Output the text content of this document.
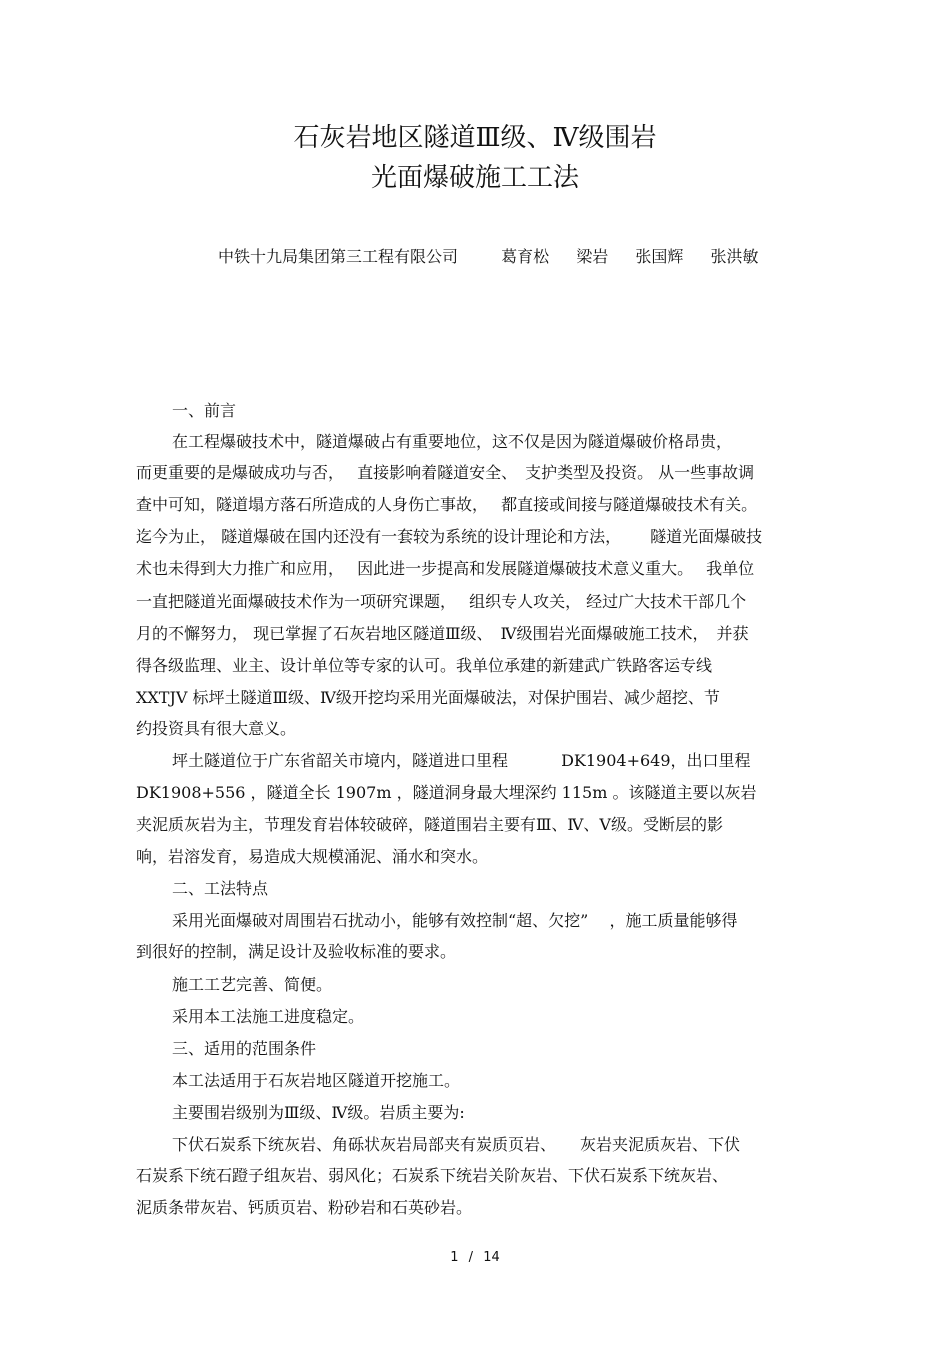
石灰岩地区隧道Ⅲ级、Ⅳ级围岩
光面爆破施工工法
中铁十九局集团第三工程有限公司	葛育松 梁岩 张国辉 张洪敏
一、前言
在工程爆破技术中，隧道爆破占有重要地位，这不仅是因为隧道爆破价格昂贵，
而更重要的是爆破成功与否，　 直接影响着隧道安全、　支护类型及投资。 从一些事故调
查中可知，隧道塌方落石所造成的人身伤亡事故，　 都直接或间接与隧道爆破技术有关。
迄今为止， 隧道爆破在国内还没有一套较为系统的设计理论和方法，　　 隧道光面爆破技
术也未得到大力推广和应用，　 因此进一步提高和发展隧道爆破技术意义重大。　 我单位
一直把隧道光面爆破技术作为一项研究课题，　 组织专人攻关， 经过广大技术干部几个
月的不懈努力， 现已掌握了石灰岩地区隧道Ⅲ级、　Ⅳ级围岩光面爆破施工技术，　并获
得各级监理、业主、设计单位等专家的认可。我单位承建的新建武广铁路客运专线
XXTJV 标坪土隧道Ⅲ级、Ⅳ级开挖均采用光面爆破法，对保护围岩、减少超挖、节
约投资具有很大意义。
坪土隧道位于广东省韶关市境内，隧道进口里程　　　 DK1904+649，出口里程
DK1908+556 ，隧道全长 1907m ，隧道洞身最大埋深约 115m 。该隧道主要以灰岩
夹泥质灰岩为主，节理发育岩体较破碎，隧道围岩主要有Ⅲ、Ⅳ、Ⅴ级。受断层的影
响，岩溶发育，易造成大规模涌泥、涌水和突水。
二、工法特点
采用光面爆破对周围岩石扰动小，能够有效控制“超、欠挖”　 ，施工质量能够得
到很好的控制，满足设计及验收标准的要求。
施工工艺完善、简便。
采用本工法施工进度稳定。
三、适用的范围条件
本工法适用于石灰岩地区隧道开挖施工。
主要围岩级别为Ⅲ级、Ⅳ级。岩质主要为:
下伏石炭系下统灰岩、角砾状灰岩局部夹有炭质页岩、　　灰岩夹泥质灰岩、下伏
石炭系下统石蹬子组灰岩、弱风化；石炭系下统岩关阶灰岩、下伏石炭系下统灰岩、
泥质条带灰岩、钙质页岩、粉砂岩和石英砂岩。
1 / 14
